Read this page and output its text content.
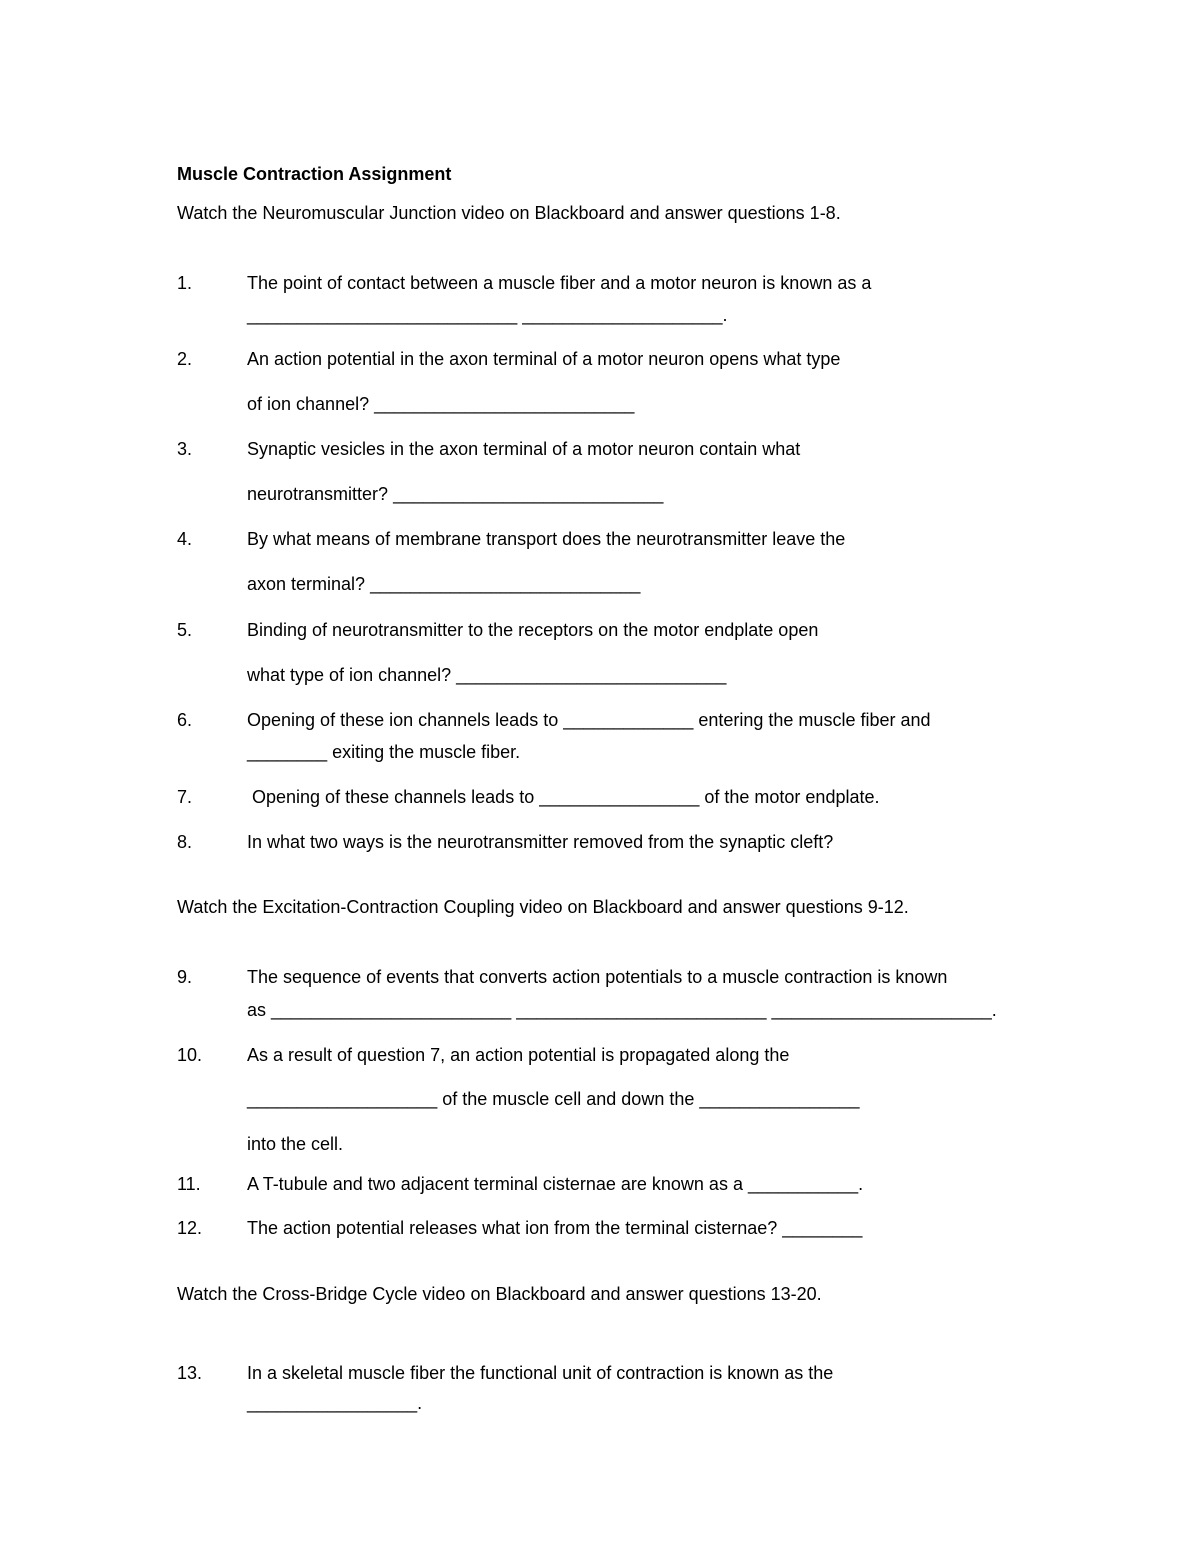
Muscle Contraction Assignment

Watch the Neuromuscular Junction video on Blackboard and answer questions 1-8.

1.	The point of contact between a muscle fiber and a motor neuron is known as a

___________________________ ____________________.

2.	An action potential in the axon terminal of a motor neuron opens what type

of ion channel? __________________________

3.	Synaptic vesicles in the axon terminal of a motor neuron contain what

neurotransmitter? ___________________________

4.	By what means of membrane transport does the neurotransmitter leave the

axon terminal? ___________________________

5.	Binding of neurotransmitter to the receptors on the motor endplate open

what type of ion channel? ___________________________

6.	Opening of these ion channels leads to _____________ entering the muscle fiber and

________ exiting the muscle fiber.

7.	Opening of these channels leads to ________________ of the motor endplate.

8.	In what two ways is the neurotransmitter removed from the synaptic cleft?

Watch the Excitation-Contraction Coupling video on Blackboard and answer questions 9-12.

9.	The sequence of events that converts action potentials to a muscle contraction is known

as ________________________ _________________________ ______________________.

10. As a result of question 7, an action potential is propagated along the

___________________ of the muscle cell and down the ________________

into the cell.

11.	A T-tubule and two adjacent terminal cisternae are known as a ___________.

12. The action potential releases what ion from the terminal cisternae? ________

Watch the Cross-Bridge Cycle video on Blackboard and answer questions 13-20.

13. In a skeletal muscle fiber the functional unit of contraction is known as the

_________________.
